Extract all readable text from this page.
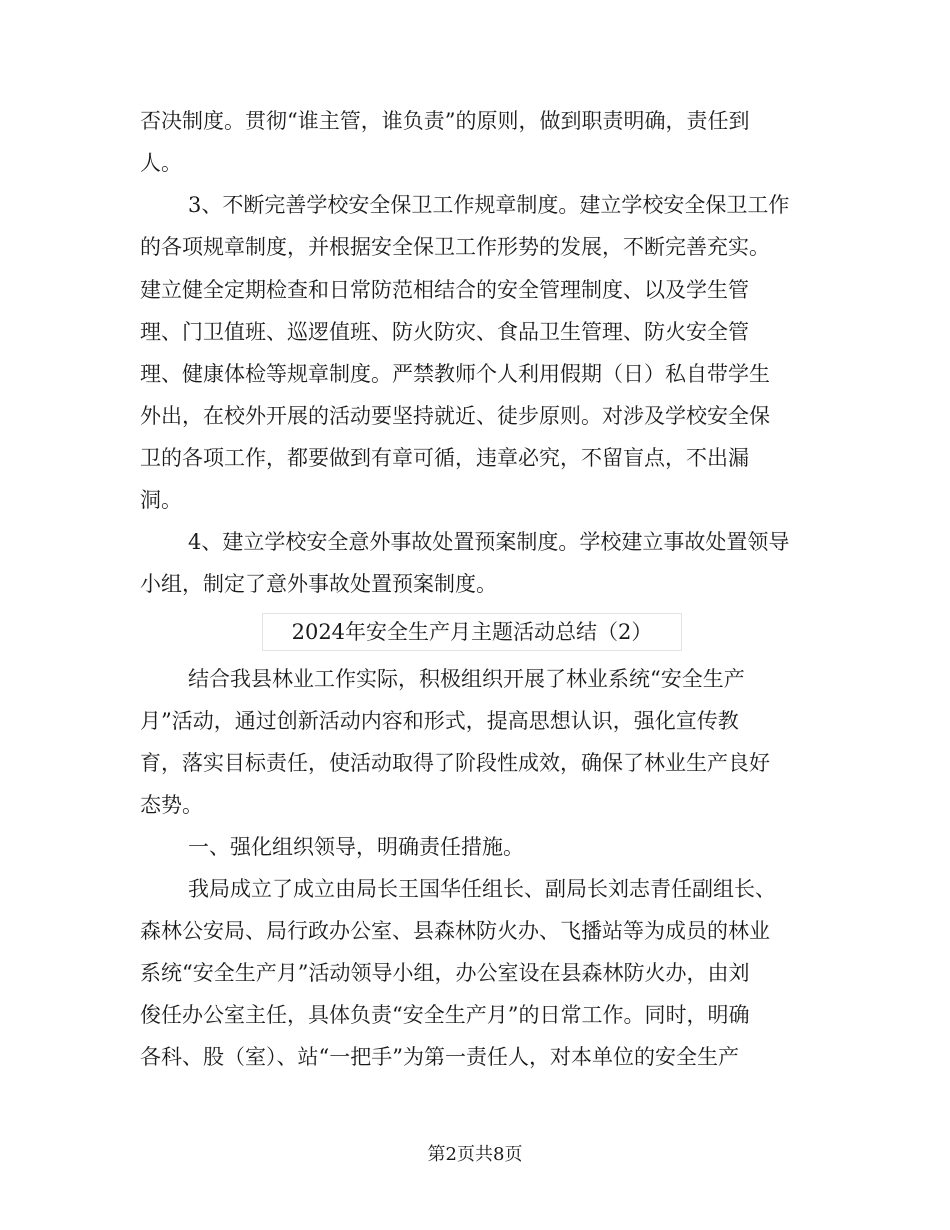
否决制度。贯彻“谁主管，谁负责”的原则，做到职责明确，责任到
人。
3、不断完善学校安全保卫工作规章制度。建立学校安全保卫工作
的各项规章制度，并根据安全保卫工作形势的发展，不断完善充实。
建立健全定期检查和日常防范相结合的安全管理制度、以及学生管
理、门卫值班、巡逻值班、防火防灾、食品卫生管理、防火安全管
理、健康体检等规章制度。严禁教师个人利用假期（日）私自带学生
外出，在校外开展的活动要坚持就近、徒步原则。对涉及学校安全保
卫的各项工作，都要做到有章可循，违章必究，不留盲点，不出漏
洞。
4、建立学校安全意外事故处置预案制度。学校建立事故处置领导
小组，制定了意外事故处置预案制度。
2024年安全生产月主题活动总结（2）
结合我县林业工作实际，积极组织开展了林业系统“安全生产
月”活动，通过创新活动内容和形式，提高思想认识，强化宣传教
育，落实目标责任，使活动取得了阶段性成效，确保了林业生产良好
态势。
一、强化组织领导，明确责任措施。
我局成立了成立由局长王国华任组长、副局长刘志青任副组长、
森林公安局、局行政办公室、县森林防火办、飞播站等为成员的林业
系统“安全生产月”活动领导小组，办公室设在县森林防火办，由刘
俊任办公室主任，具体负责“安全生产月”的日常工作。同时，明确
各科、股（室）、站“一把手”为第一责任人，对本单位的安全生产
第2页共8页
